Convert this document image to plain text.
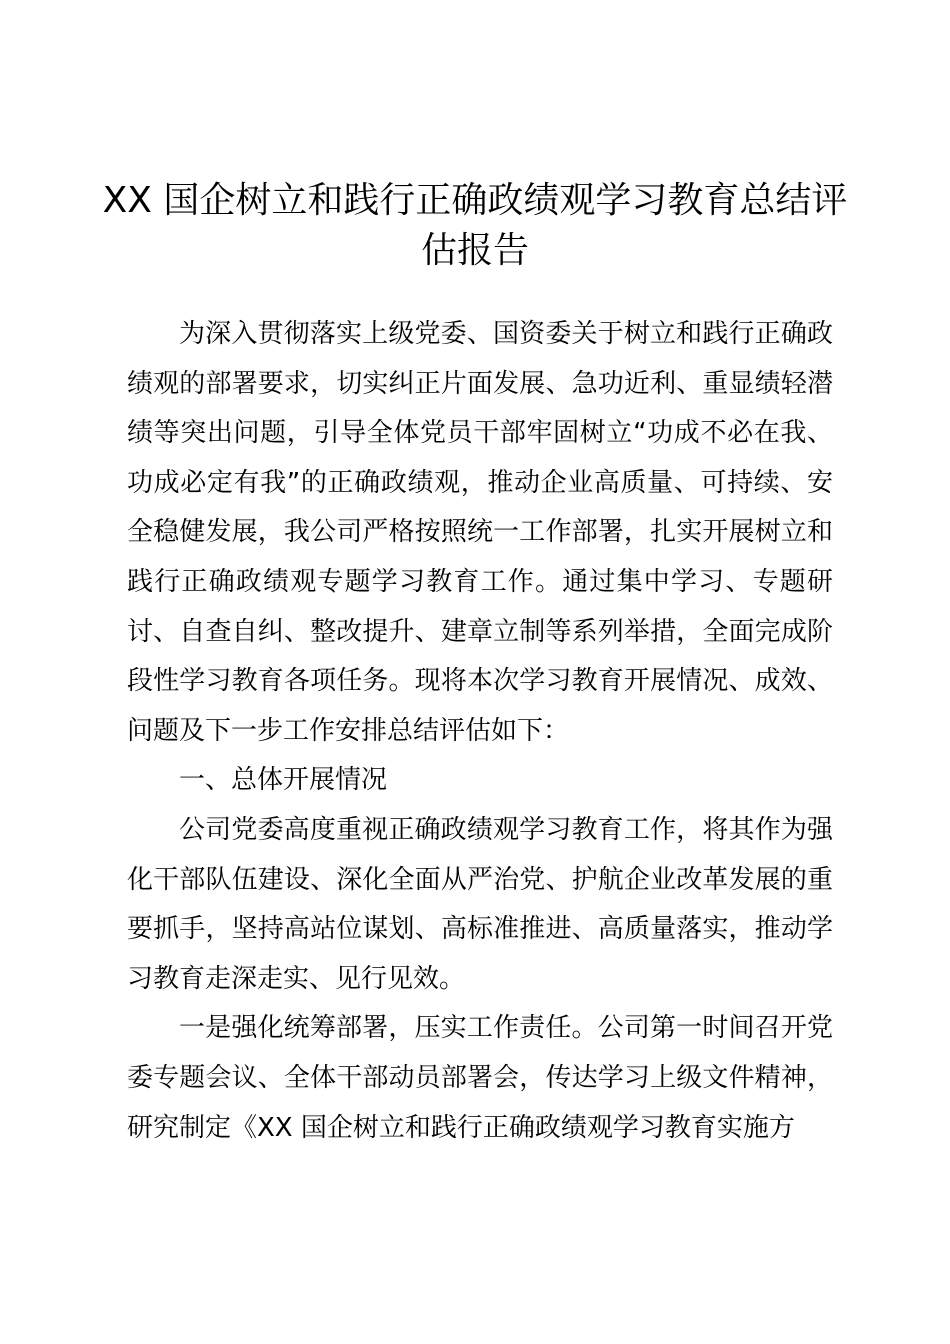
XX 国企树立和践行正确政绩观学习教育总结评估报告

为深入贯彻落实上级党委、国资委关于树立和践行正确政绩观的部署要求，切实纠正片面发展、急功近利、重显绩轻潜绩等突出问题，引导全体党员干部牢固树立“功成不必在我、功成必定有我”的正确政绩观，推动企业高质量、可持续、安全稳健发展，我公司严格按照统一工作部署，扎实开展树立和践行正确政绩观专题学习教育工作。通过集中学习、专题研讨、自查自纠、整改提升、建章立制等系列举措，全面完成阶段性学习教育各项任务。现将本次学习教育开展情况、成效、问题及下一步工作安排总结评估如下：

一、总体开展情况

公司党委高度重视正确政绩观学习教育工作，将其作为强化干部队伍建设、深化全面从严治党、护航企业改革发展的重要抓手，坚持高站位谋划、高标准推进、高质量落实，推动学习教育走深走实、见行见效。

一是强化统筹部署，压实工作责任。公司第一时间召开党委专题会议、全体干部动员部署会，传达学习上级文件精神，研究制定《XX 国企树立和践行正确政绩观学习教育实施方
